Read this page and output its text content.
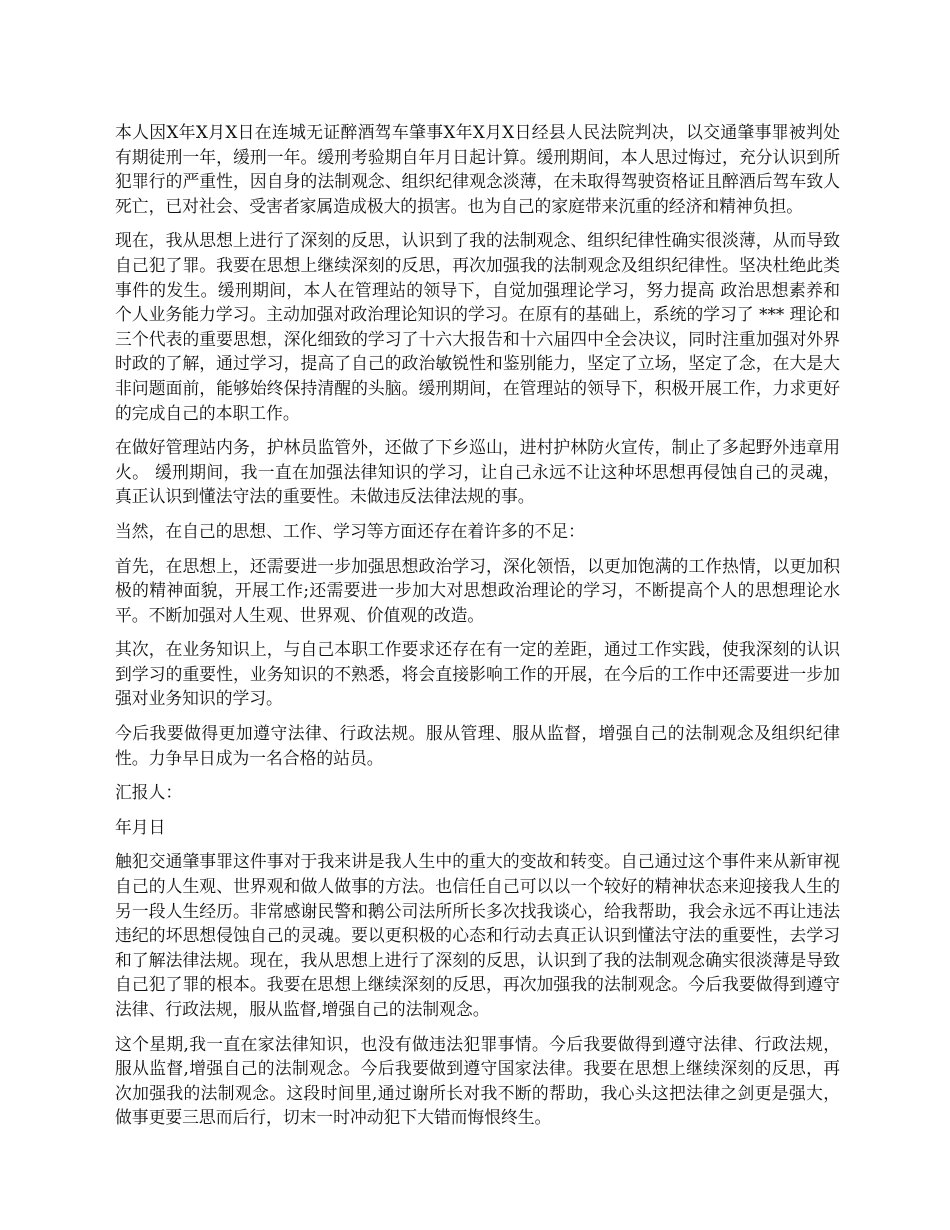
本人因X年X月X日在连城无证醉酒驾车肇事X年X月X日经县人民法院判决，以交通肇事罪被判处有期徒刑一年，缓刑一年。缓刑考验期自年月日起计算。缓刑期间，本人思过悔过，充分认识到所犯罪行的严重性，因自身的法制观念、组织纪律观念淡薄，在未取得驾驶资格证且醉酒后驾车致人死亡，已对社会、受害者家属造成极大的损害。也为自己的家庭带来沉重的经济和精神负担。

现在，我从思想上进行了深刻的反思，认识到了我的法制观念、组织纪律性确实很淡薄，从而导致自己犯了罪。我要在思想上继续深刻的反思，再次加强我的法制观念及组织纪律性。坚决杜绝此类事件的发生。缓刑期间，本人在管理站的领导下，自觉加强理论学习，努力提高 政治思想素养和个人业务能力学习。主动加强对政治理论知识的学习。在原有的基础上，系统的学习了 *** 理论和三个代表的重要思想，深化细致的学习了十六大报告和十六届四中全会决议，同时注重加强对外界时政的了解，通过学习，提高了自己的政治敏锐性和鉴别能力，坚定了立场，坚定了念，在大是大非问题面前，能够始终保持清醒的头脑。缓刑期间，在管理站的领导下，积极开展工作，力求更好的完成自己的本职工作。

在做好管理站内务，护林员监管外，还做了下乡巡山，进村护林防火宣传，制止了多起野外违章用火。 缓刑期间，我一直在加强法律知识的学习，让自己永远不让这种坏思想再侵蚀自己的灵魂，真正认识到懂法守法的重要性。未做违反法律法规的事。

当然，在自己的思想、工作、学习等方面还存在着许多的不足：

首先，在思想上，还需要进一步加强思想政治学习，深化领悟，以更加饱满的工作热情，以更加积极的精神面貌，开展工作;还需要进一步加大对思想政治理论的学习，不断提高个人的思想理论水平。不断加强对人生观、世界观、价值观的改造。

其次，在业务知识上，与自己本职工作要求还存在有一定的差距，通过工作实践，使我深刻的认识到学习的重要性，业务知识的不熟悉，将会直接影响工作的开展，在今后的工作中还需要进一步加强对业务知识的学习。

今后我要做得更加遵守法律、行政法规。服从管理、服从监督，增强自己的法制观念及组织纪律性。力争早日成为一名合格的站员。

汇报人：

年月日

触犯交通肇事罪这件事对于我来讲是我人生中的重大的变故和转变。自己通过这个事件来从新审视自己的人生观、世界观和做人做事的方法。也信任自己可以以一个较好的精神状态来迎接我人生的另一段人生经历。非常感谢民警和鹅公司法所所长多次找我谈心，给我帮助，我会永远不再让违法违纪的坏思想侵蚀自己的灵魂。要以更积极的心态和行动去真正认识到懂法守法的重要性，去学习和了解法律法规。现在，我从思想上进行了深刻的反思，认识到了我的法制观念确实很淡薄是导致自己犯了罪的根本。我要在思想上继续深刻的反思，再次加强我的法制观念。今后我要做得到遵守法律、行政法规，服从监督,增强自己的法制观念。

这个星期,我一直在家法律知识，也没有做违法犯罪事情。今后我要做得到遵守法律、行政法规，服从监督,增强自己的法制观念。今后我要做到遵守国家法律。我要在思想上继续深刻的反思，再次加强我的法制观念。这段时间里,通过谢所长对我不断的帮助，我心头这把法律之剑更是强大，做事更要三思而后行，切末一时冲动犯下大错而悔恨终生。
